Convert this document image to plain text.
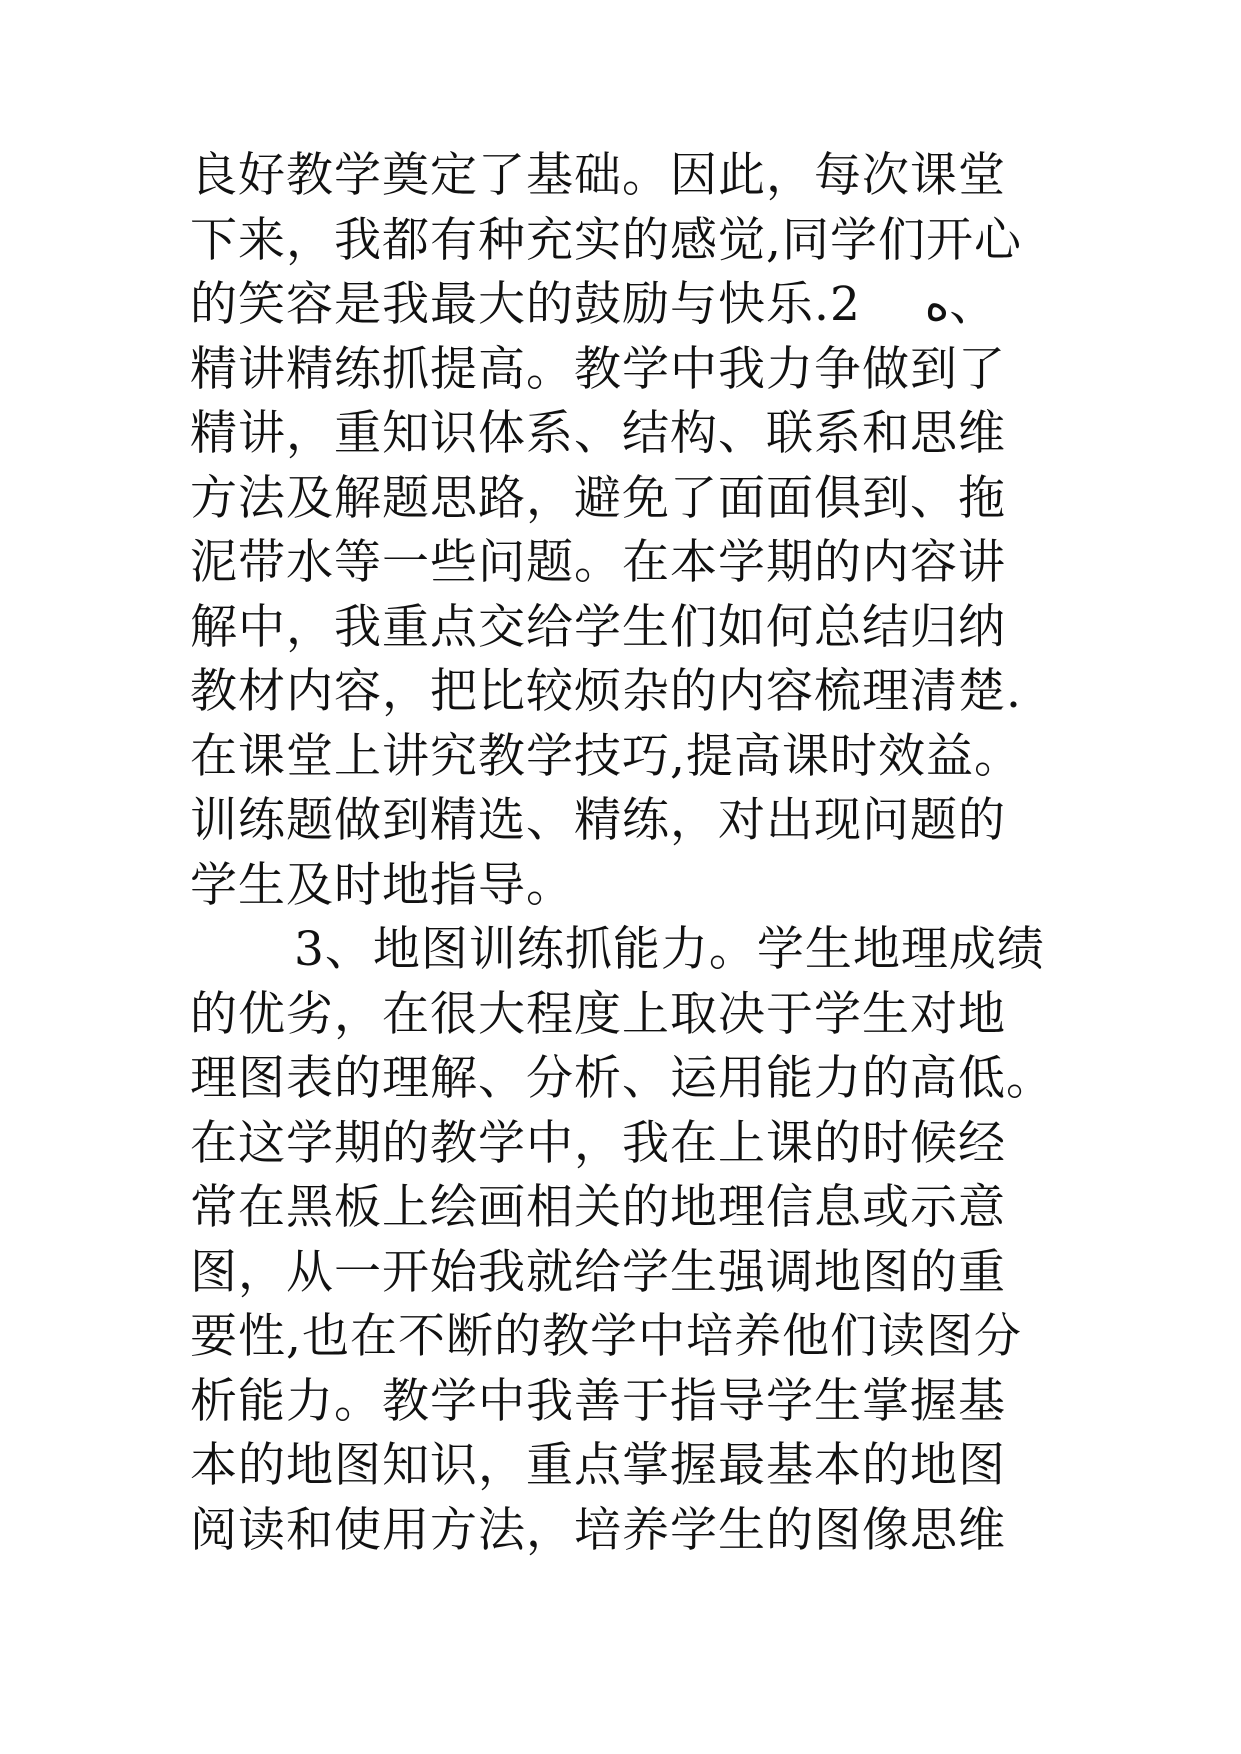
良好教学奠定了基础。因此，每次课堂
下来，我都有种充实的感觉,同学们开心
的笑容是我最大的鼓励与快乐.2　 ﻩ、
精讲精练抓提高。教学中我力争做到了
精讲，重知识体系、结构、联系和思维
方法及解题思路，避免了面面俱到、拖
泥带水等一些问题。在本学期的内容讲
解中，我重点交给学生们如何总结归纳
教材内容，把比较烦杂的内容梳理清楚.
在课堂上讲究教学技巧,提高课时效益。
训练题做到精选、精练，对出现问题的
学生及时地指导。
3、地图训练抓能力。学生地理成绩
的优劣，在很大程度上取决于学生对地
理图表的理解、分析、运用能力的高低。
在这学期的教学中，我在上课的时候经
常在黑板上绘画相关的地理信息或示意
图，从一开始我就给学生强调地图的重
要性,也在不断的教学中培养他们读图分
析能力。教学中我善于指导学生掌握基
本的地图知识，重点掌握最基本的地图
阅读和使用方法，培养学生的图像思维
